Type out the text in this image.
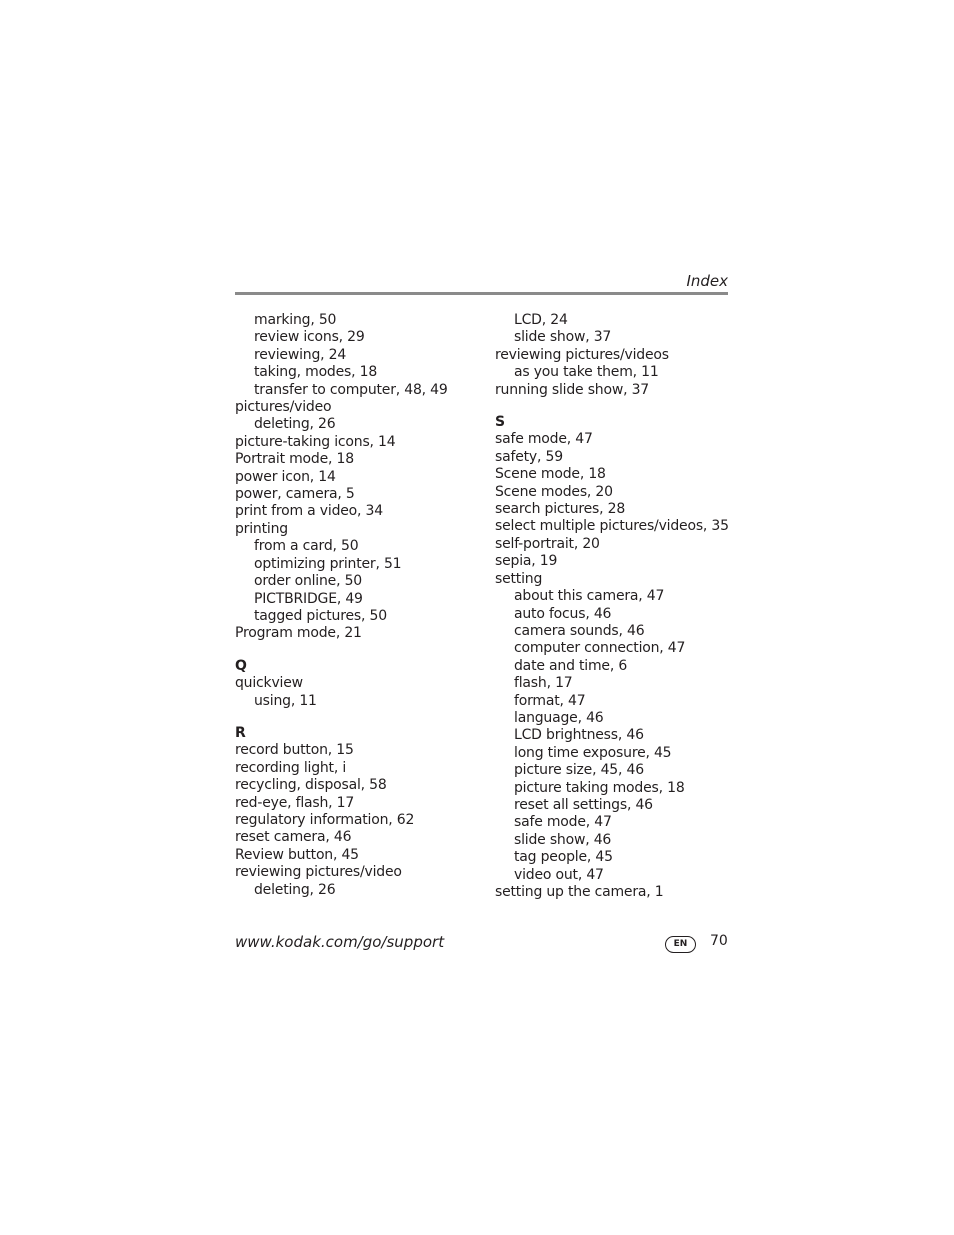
Index
marking, 50
review icons, 29
reviewing, 24
taking, modes, 18
transfer to computer, 48, 49
pictures/video
deleting, 26
picture-taking icons, 14
Portrait mode, 18
power icon, 14
power, camera, 5
print from a video, 34
printing
from a card, 50
optimizing printer, 51
order online, 50
PICTBRIDGE, 49
tagged pictures, 50
Program mode, 21
Q
quickview
using, 11
R
record button, 15
recording light, i
recycling, disposal, 58
red-eye, flash, 17
regulatory information, 62
reset camera, 46
Review button, 45
reviewing pictures/video
deleting, 26
LCD, 24
slide show, 37
reviewing pictures/videos
as you take them, 11
running slide show, 37
S
safe mode, 47
safety, 59
Scene mode, 18
Scene modes, 20
search pictures, 28
select multiple pictures/videos, 35
self-portrait, 20
sepia, 19
setting
about this camera, 47
auto focus, 46
camera sounds, 46
computer connection, 47
date and time, 6
flash, 17
format, 47
language, 46
LCD brightness, 46
long time exposure, 45
picture size, 45, 46
picture taking modes, 18
reset all settings, 46
safe mode, 47
slide show, 46
tag people, 45
video out, 47
setting up the camera, 1
www.kodak.com/go/support	EN	70
